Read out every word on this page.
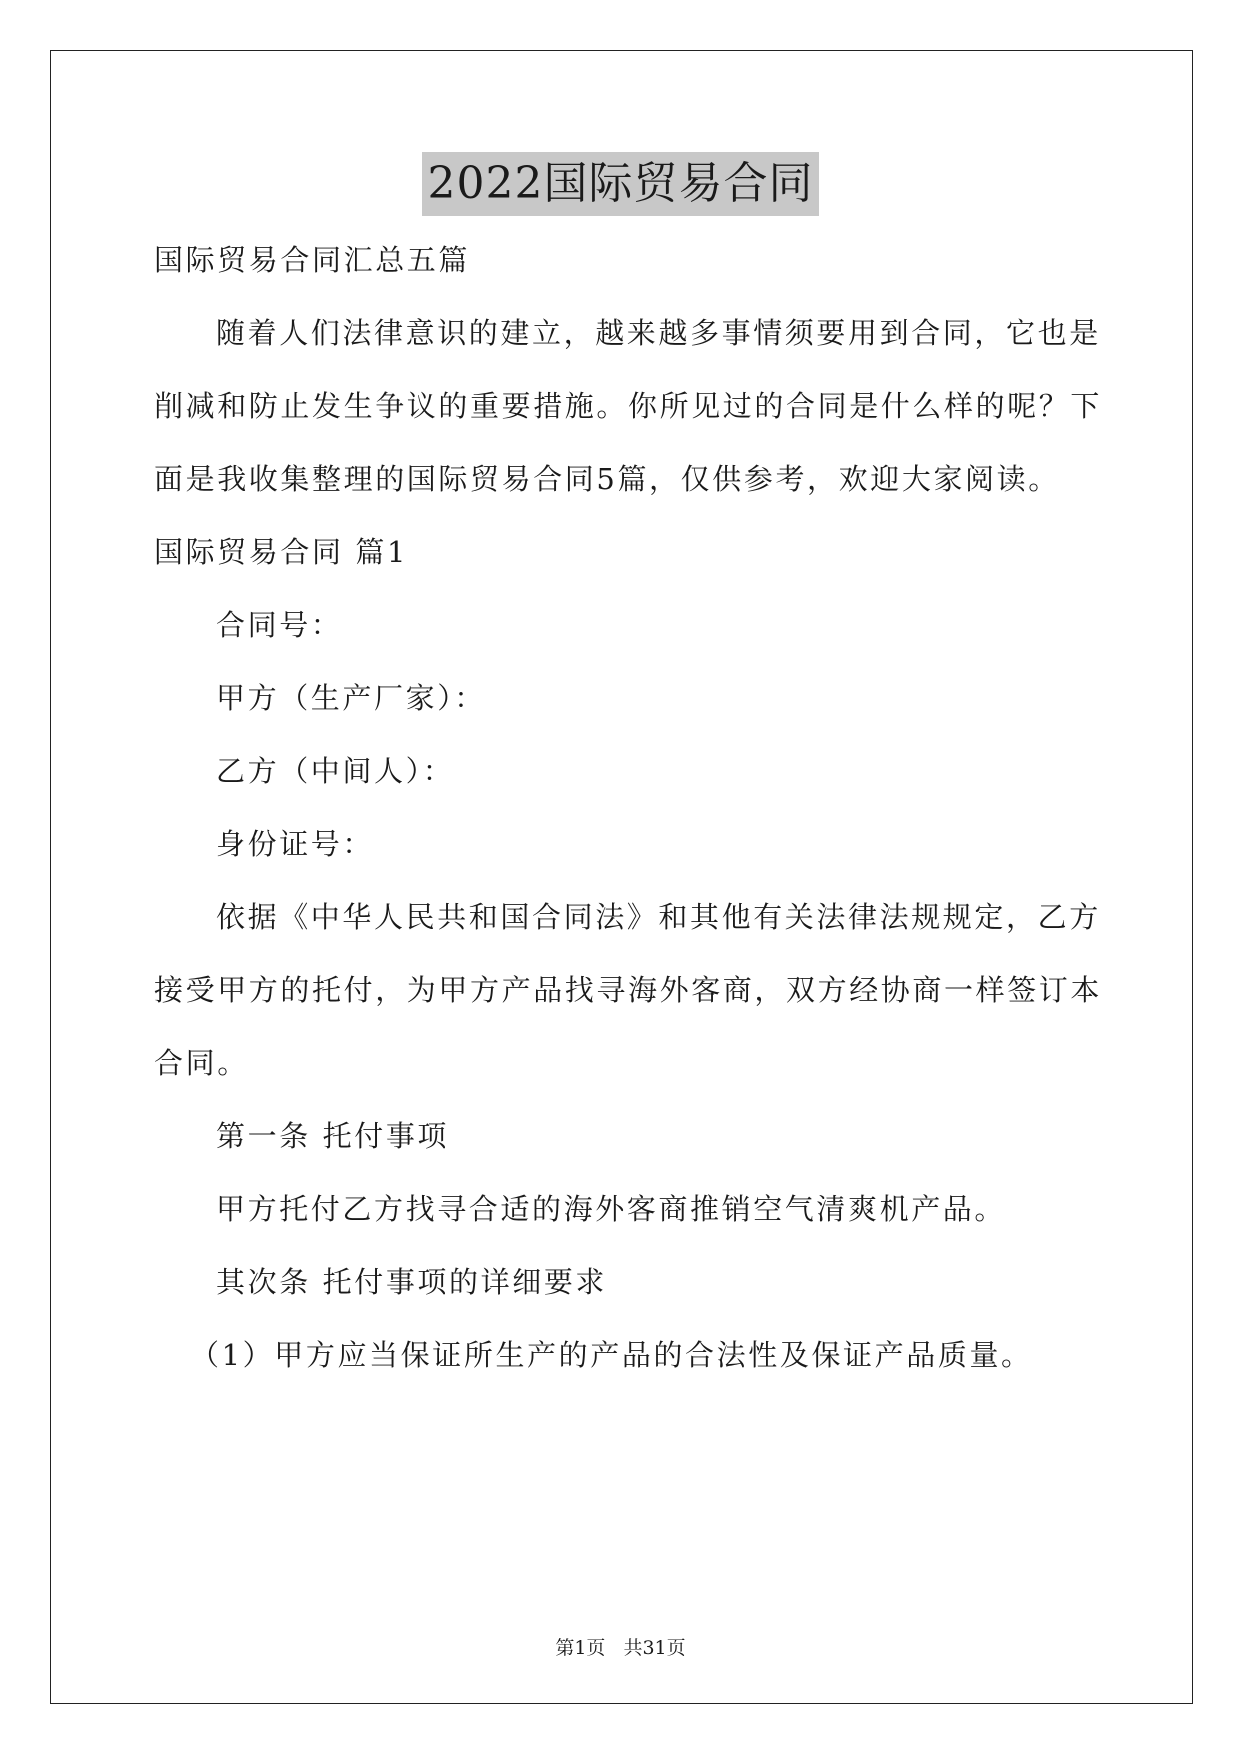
2022国际贸易合同
国际贸易合同汇总五篇
随着人们法律意识的建立，越来越多事情须要用到合同，它也是
削减和防止发生争议的重要措施。你所见过的合同是什么样的呢？下
面是我收集整理的国际贸易合同5篇，仅供参考，欢迎大家阅读。
国际贸易合同 篇1
合同号：
甲方（生产厂家）：
乙方（中间人）：
身份证号：
依据《中华人民共和国合同法》和其他有关法律法规规定，乙方
接受甲方的托付，为甲方产品找寻海外客商，双方经协商一样签订本
合同。
第一条 托付事项
甲方托付乙方找寻合适的海外客商推销空气清爽机产品。
其次条 托付事项的详细要求
（1）甲方应当保证所生产的产品的合法性及保证产品质量。
第1页 共31页
